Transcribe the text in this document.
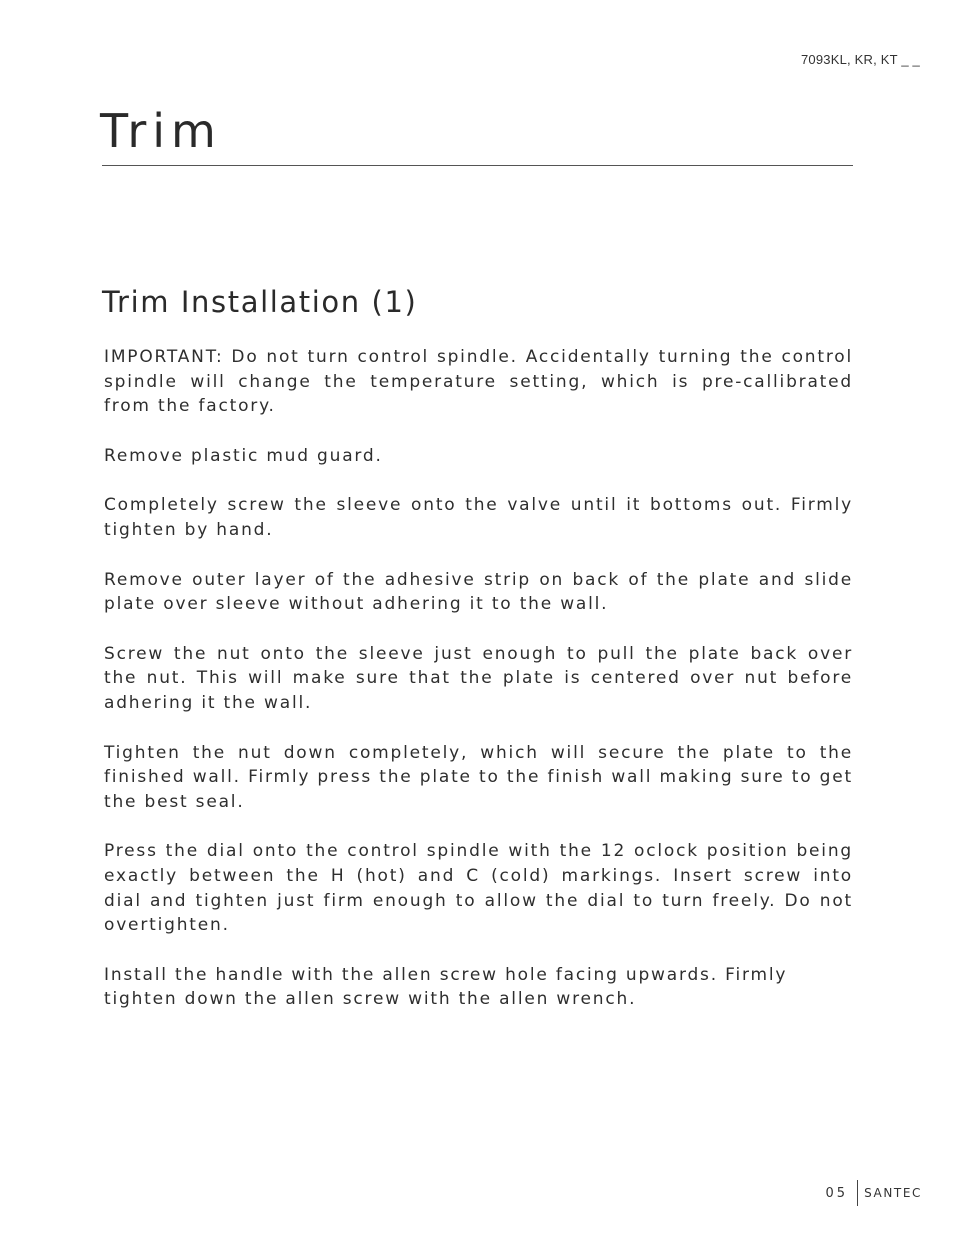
7093KL, KR, KT _ _
Trim
Trim Installation (1)

IMPORTANT: Do not turn control spindle. Accidentally turning the control spindle will change the temperature setting, which is pre-callibrated from the factory.

Remove plastic mud guard.

Completely screw the sleeve onto the valve until it bottoms out. Firmly tighten by hand.

Remove outer layer of the adhesive strip on back of the plate and slide plate over sleeve without adhering it to the wall.

Screw the nut onto the sleeve just enough to pull the plate back over the nut. This will make sure that the plate is centered over nut before adhering it the wall.

Tighten the nut down completely, which will secure the plate to the finished wall. Firmly press the plate to the finish wall making sure to get the best seal.

Press the dial onto the control spindle with the 12 oclock position being exactly between the H (hot) and C (cold) markings. Insert screw into dial and tighten just firm enough to allow the dial to turn freely. Do not overtighten.

Install the handle with the allen screw hole facing upwards. Firmly tighten down the allen screw with the allen wrench.

05	SANTEC
